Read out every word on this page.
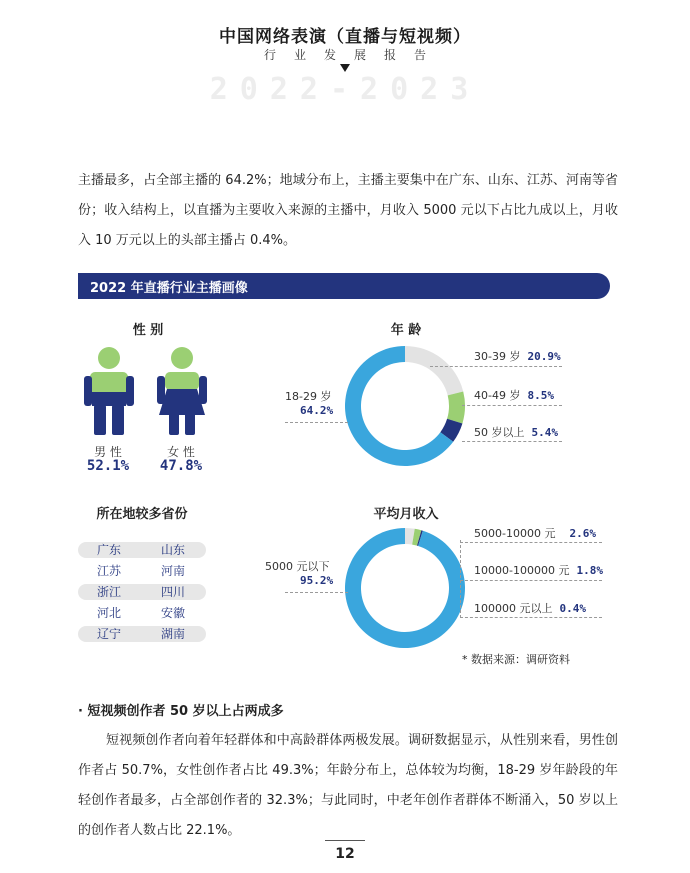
中国网络表演（直播与短视频）
行业发展报告
2022-2023
主播最多，占全部主播的 64.2%；地域分布上，主播主要集中在广东、山东、江苏、河南等省份；收入结构上，以直播为主要收入来源的主播中，月收入 5000 元以下占比九成以上，月收入 10 万元以上的头部主播占 0.4%。
2022 年直播行业主播画像
性 别
男 性
52.1%
女 性
47.8%
年 龄
18-29 岁
64.2%
30-39 岁 20.9%
40-49 岁 8.5%
50 岁以上 5.4%
所在地较多省份
广东	山东
江苏	河南
浙江	四川
河北	安徽
辽宁	湖南
平均月收入
5000 元以下
95.2%
5000-10000 元 2.6%
10000-100000 元 1.8%
100000 元以上 0.4%
* 数据来源：调研资料
· 短视频创作者 50 岁以上占两成多
短视频创作者向着年轻群体和中高龄群体两极发展。调研数据显示，从性别来看，男性创作者占 50.7%，女性创作者占比 49.3%；年龄分布上，总体较为均衡，18-29 岁年龄段的年轻创作者最多，占全部创作者的 32.3%；与此同时，中老年创作者群体不断涌入，50 岁以上的创作者人数占比 22.1%。
12
